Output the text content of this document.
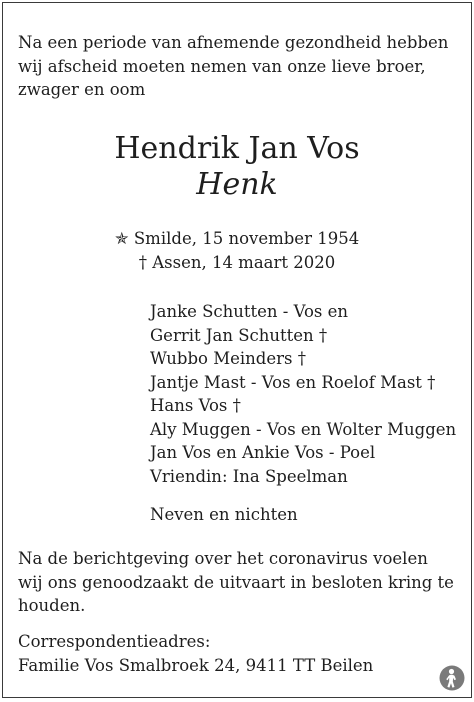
Na een periode van afnemende gezondheid hebben
wij afscheid moeten nemen van onze lieve broer,
zwager en oom
Hendrik Jan Vos
Henk
✯ Smilde, 15 november 1954
† Assen, 14 maart 2020
Janke Schutten - Vos en
Gerrit Jan Schutten †
Wubbo Meinders †
Jantje Mast - Vos en Roelof Mast †
Hans Vos †
Aly Muggen - Vos en Wolter Muggen
Jan Vos en Ankie Vos - Poel
Vriendin: Ina Speelman
Neven en nichten
Na de berichtgeving over het coronavirus voelen
wij ons genoodzaakt de uitvaart in besloten kring te
houden.
Correspondentieadres:
Familie Vos Smalbroek 24, 9411 TT Beilen
